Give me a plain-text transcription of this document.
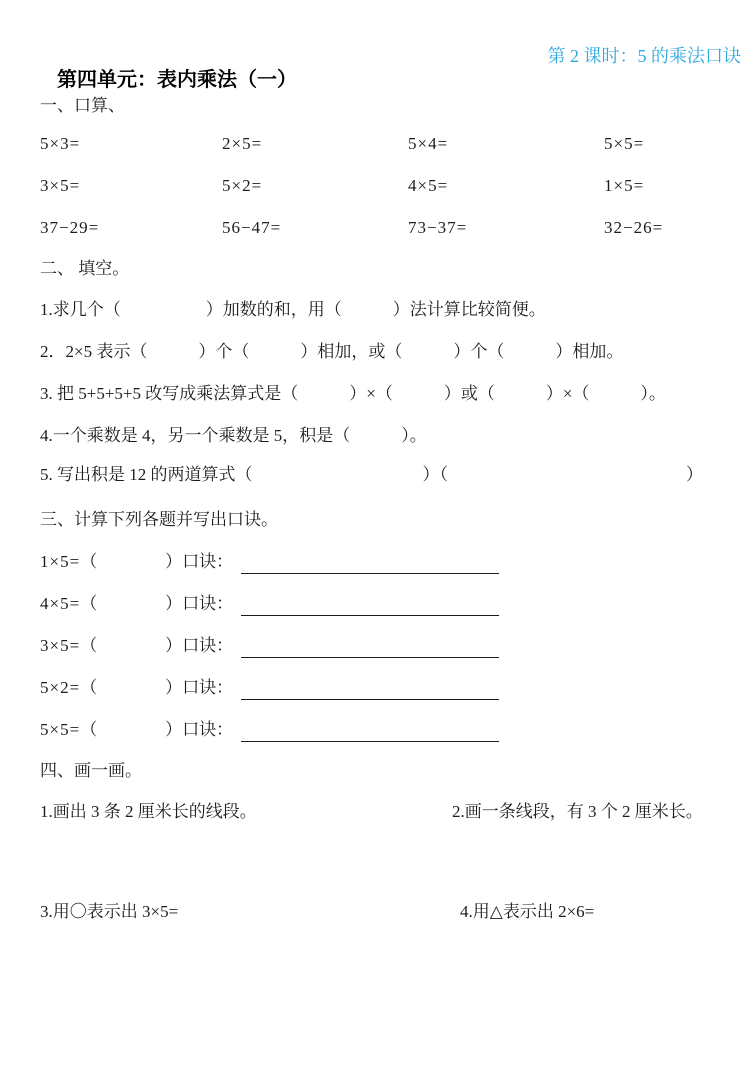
第四单元：表内乘法（一）

第 2 课时：5 的乘法口诀
一、口算、
5×3=	2×5=	5×4=	5×5=
3×5=	5×2=	4×5=	1×5=
37−29=	56−47=	73−37=	32−26=
二、 填空。
1.求几个（　　　　　）加数的和，用（　　　）法计算比较简便。
2．2×5 表示（　　　）个（　　　）相加，或（　　　）个（　　　）相加。
3. 把 5+5+5+5 改写成乘法算式是（　　　）×（　　　）或（　　　）×（　　　）。
4.一个乘数是 4，另一个乘数是 5，积是（　　　）。
5. 写出积是 12 的两道算式（　　　　　　　　　　）（　　　　　　　　　　　　　　）
三、计算下列各题并写出口诀。
1×5= （　　　　） 口诀：
4×5= （　　　　） 口诀：
3×5= （　　　　） 口诀：
5×2= （　　　　） 口诀：
5×5= （　　　　） 口诀：
四、画一画。
1.画出 3 条 2 厘米长的线段。	2.画一条线段，有 3 个 2 厘米长。
3.用〇表示出 3×5=	4.用△表示出 2×6=
